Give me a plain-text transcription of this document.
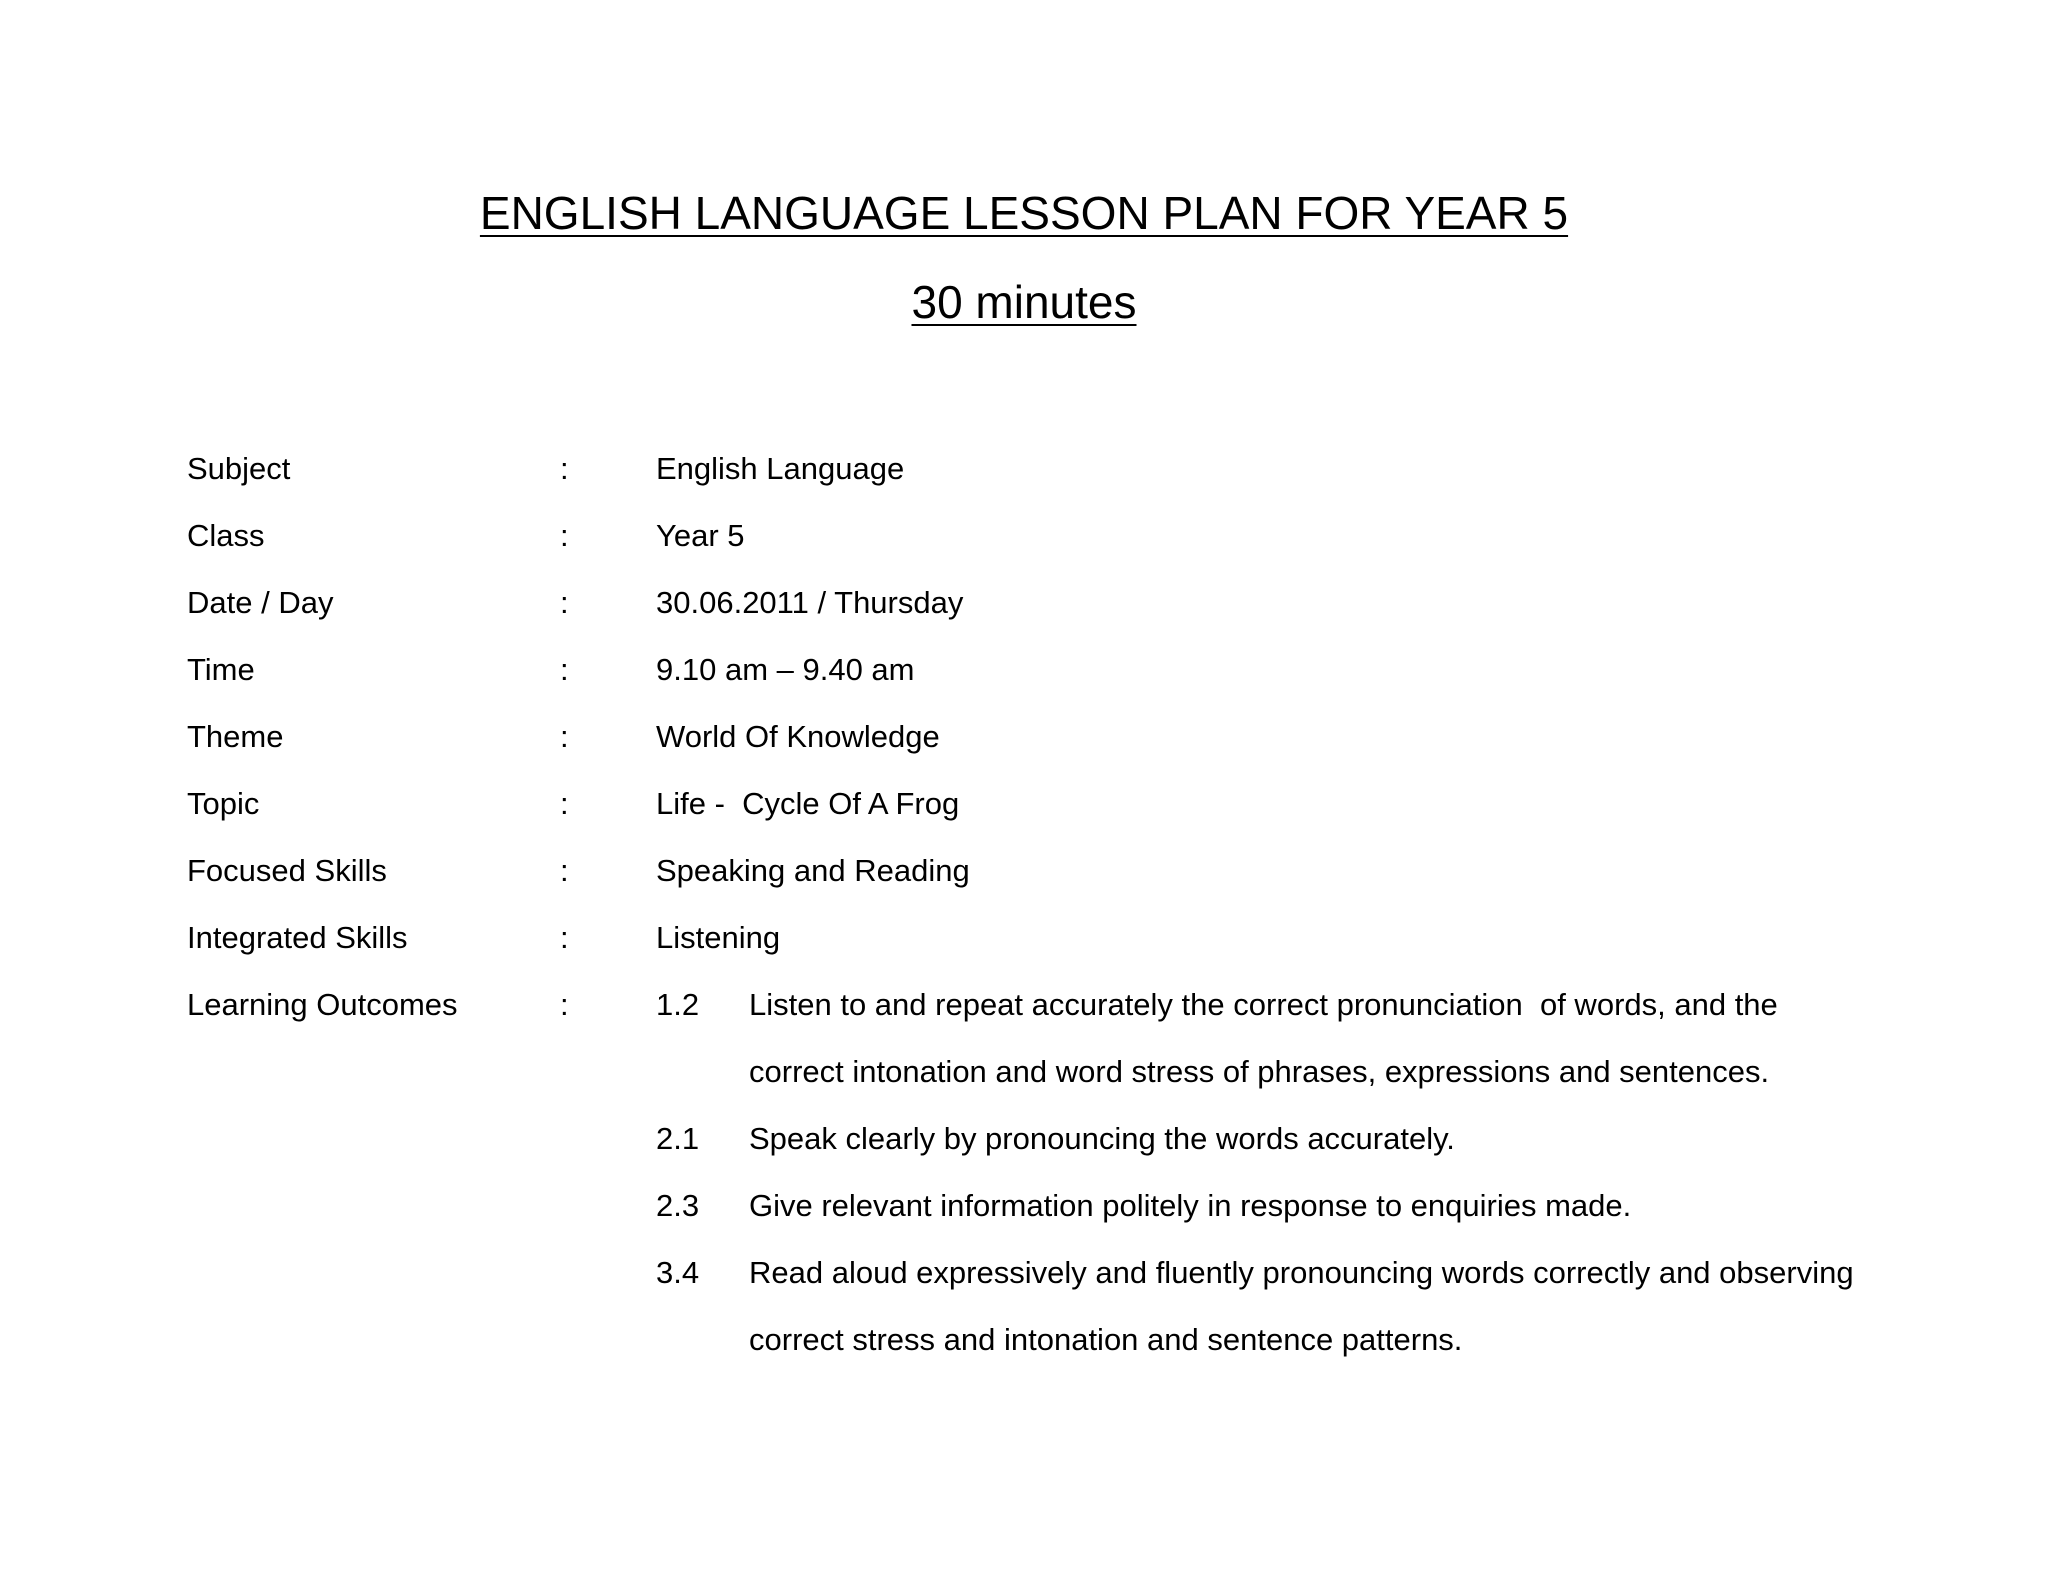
ENGLISH LANGUAGE LESSON PLAN FOR YEAR 5
30 minutes
Subject	:	English Language
Class	:	Year 5
Date / Day	:	30.06.2011 / Thursday
Time	:	9.10 am – 9.40 am
Theme	:	World Of Knowledge
Topic	:	Life -  Cycle Of A Frog
Focused Skills	:	Speaking and Reading
Integrated Skills	:	Listening
Learning Outcomes	:	1.2 Listen to and repeat accurately the correct pronunciation  of words, and the
correct intonation and word stress of phrases, expressions and sentences.
2.1 Speak clearly by pronouncing the words accurately.
2.3 Give relevant information politely in response to enquiries made.
3.4 Read aloud expressively and fluently pronouncing words correctly and observing
correct stress and intonation and sentence patterns.
